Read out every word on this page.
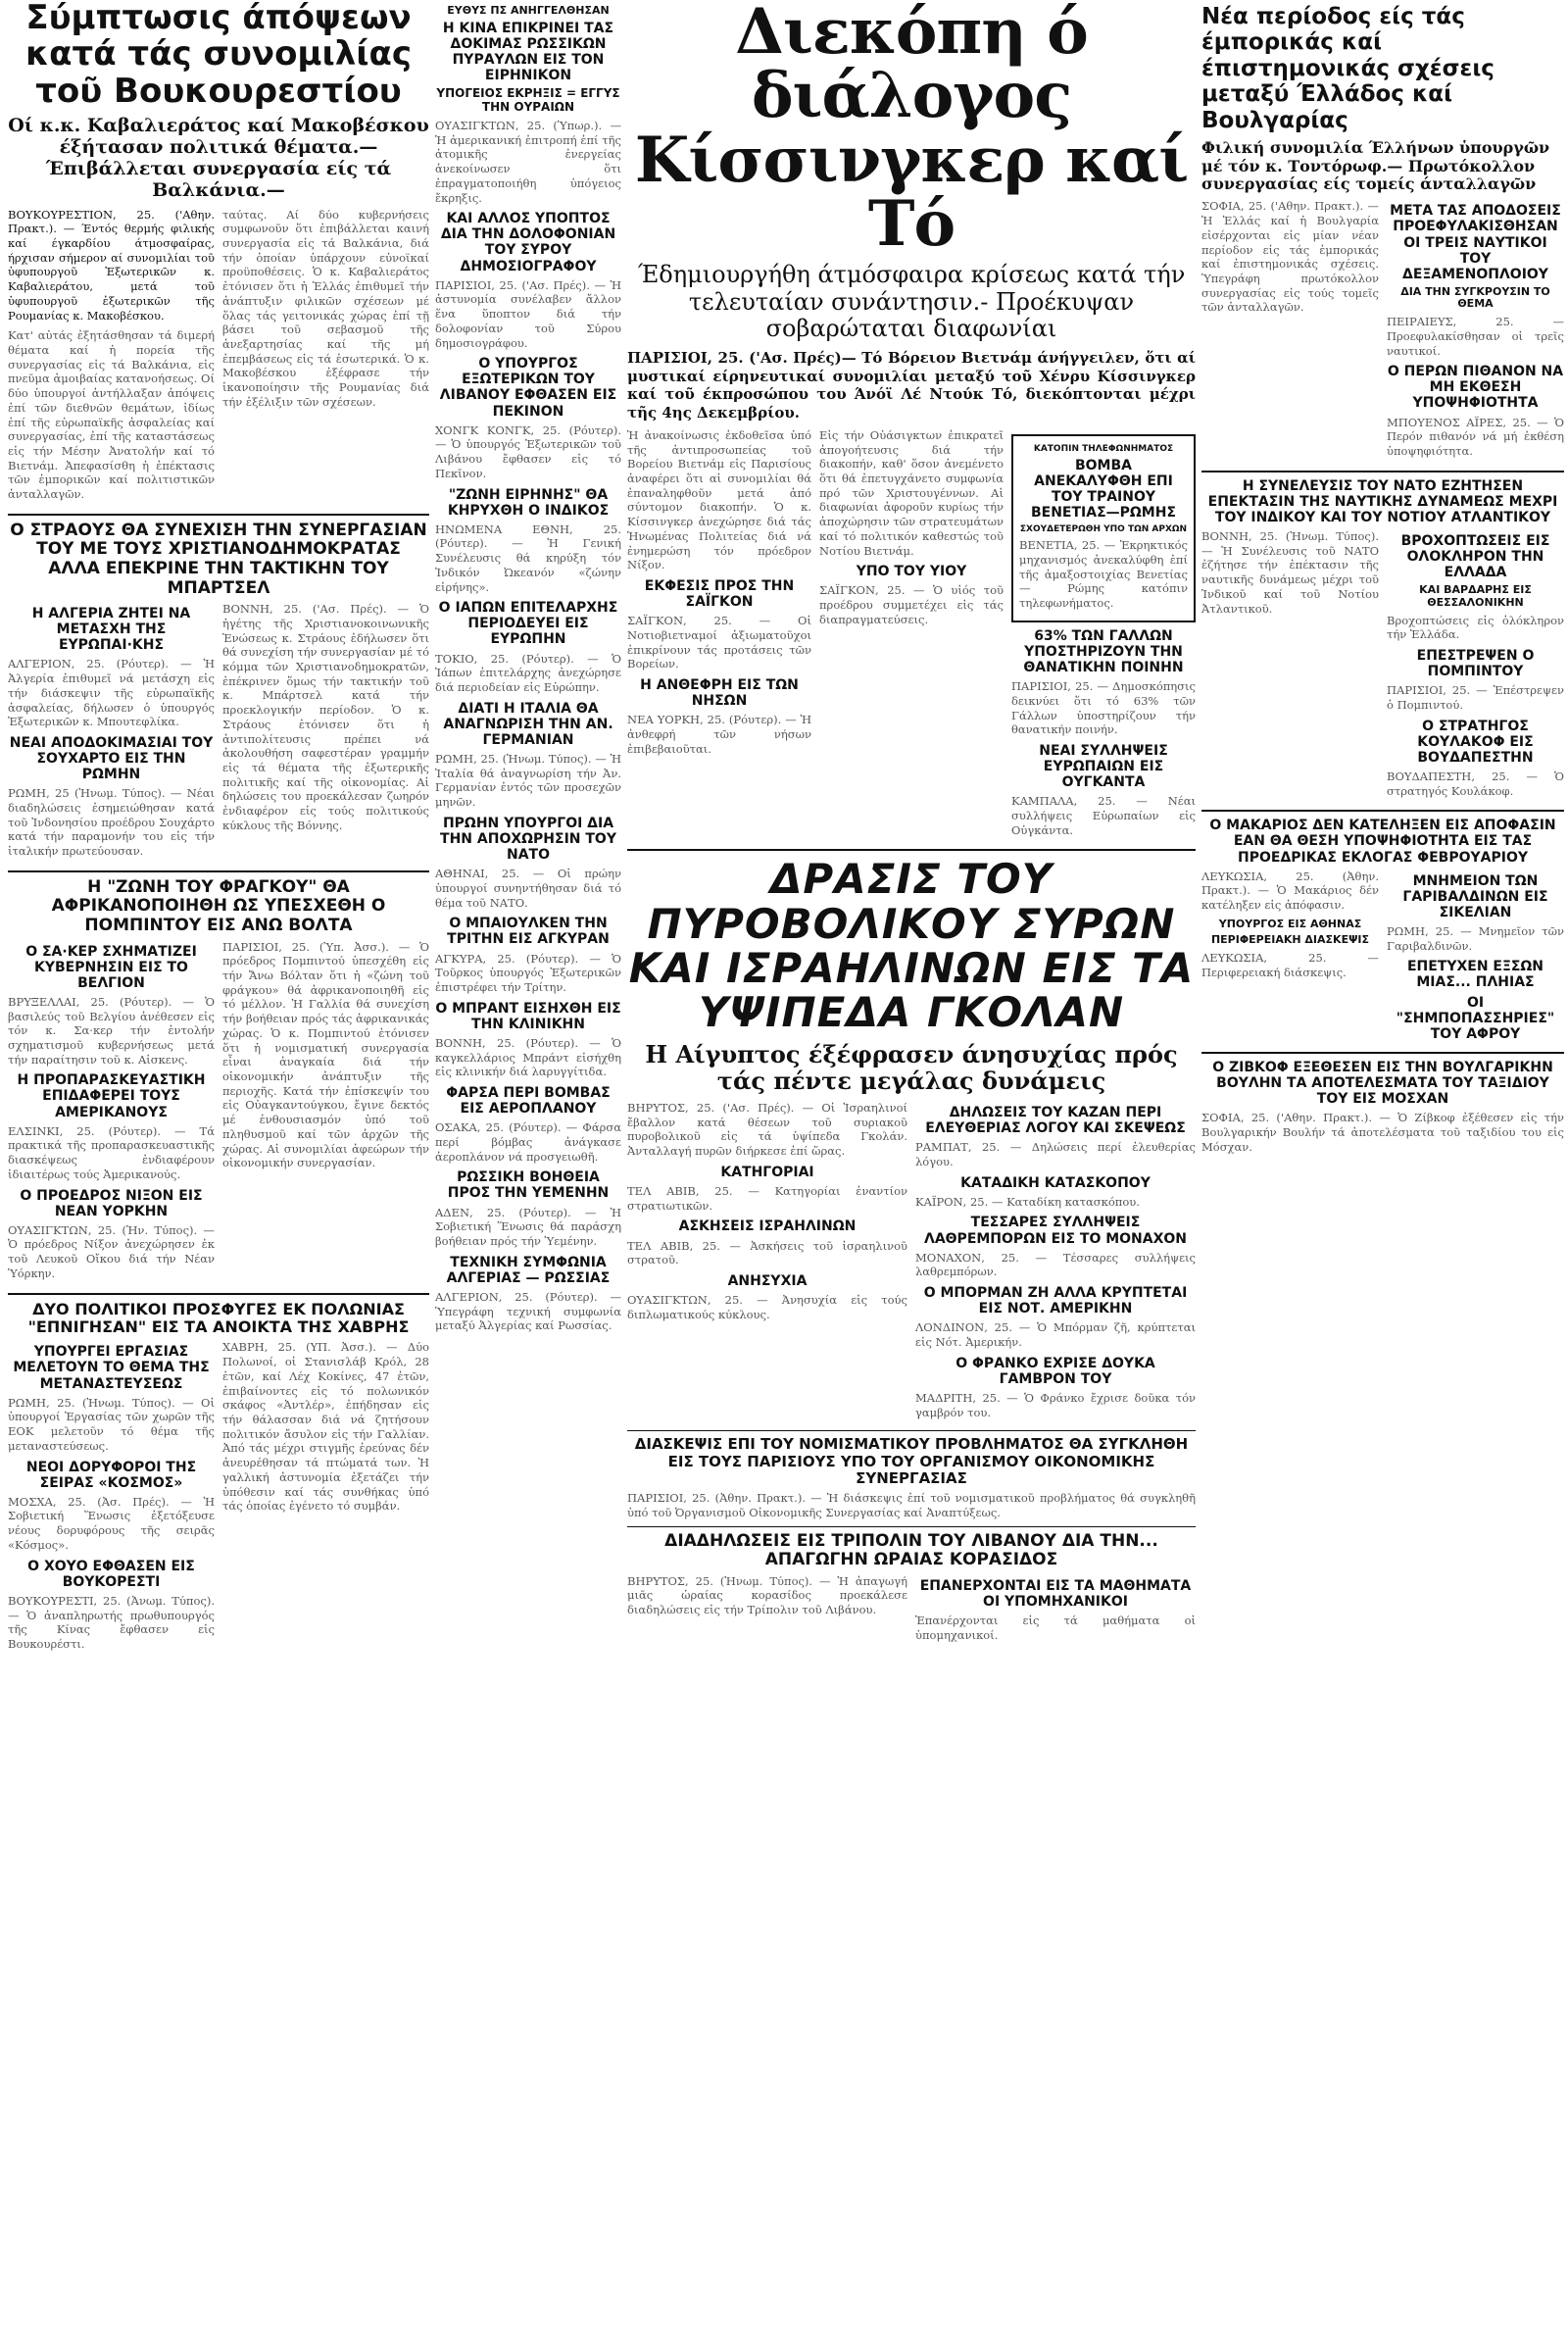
Σύμπτωσις άπόψεων κατά τάς συνομιλίας τοῦ Βουκουρεστίου

Οί κ.κ. Καβαλιεράτος καί Μακοβέσκου έξήτασαν πολιτικά θέματα.— Έπιβάλλεται συνεργασία είς τά Βαλκάνια.—

ΒΟΥΚΟΥΡΕΣΤΙΟΝ, 25. ('Αθην. Πρακτ.). — Έντός θερμής φιλικής καί έγκαρδίου άτμοσφαίρας, ήρχισαν σήμερον αί συνομιλίαι τοῦ ὑφυπουργοῦ Ἐξωτερικῶν κ. Καβαλιεράτου, μετά τοῦ ὑφυπουργοῦ ἐξωτερικῶν τῆς Ρουμανίας κ. Μακοβέσκου.

Κατ' αὐτάς ἐξητάσθησαν τά διμερή θέματα καί ἡ πορεία τῆς συνεργασίας εἰς τά Βαλκάνια, εἰς πνεῦμα ἀμοιβαίας κατανοήσεως. Οί δύο ὑπουργοί ἀντήλλαξαν ἀπόψεις ἐπί τῶν διεθνῶν θεμάτων, ἰδίως ἐπί τῆς εὐρωπαϊκῆς ἀσφαλείας καί συνεργασίας, ἐπί τῆς καταστάσεως εἰς τήν Μέσην Ἀνατολήν καί τό Βιετνάμ. Ἀπεφασίσθη ἡ ἐπέκτασις τῶν ἐμπορικῶν καί πολιτιστικῶν ἀνταλλαγῶν.

ταύτας. Αί δύο κυβερνήσεις συμφωνοῦν ὅτι ἐπιβάλλεται καινή συνεργασία εἰς τά Βαλκάνια, διά τήν ὁποίαν ὑπάρχουν εὐνοϊκαί προϋποθέσεις. Ὁ κ. Καβαλιεράτος ἐτόνισεν ὅτι ἡ Ἑλλάς ἐπιθυμεῖ τήν ἀνάπτυξιν φιλικῶν σχέσεων μέ ὅλας τάς γειτονικάς χώρας ἐπί τῇ βάσει τοῦ σεβασμοῦ τῆς ἀνεξαρτησίας καί τῆς μή ἐπεμβάσεως εἰς τά ἐσωτερικά. Ὁ κ. Μακοβέσκου ἐξέφρασε τήν ἱκανοποίησιν τῆς Ρουμανίας διά τήν ἐξέλιξιν τῶν σχέσεων.

Ο ΣΤΡΑΟΥΣ ΘΑ ΣΥΝΕΧΙΣΗ ΤΗΝ ΣΥΝΕΡΓΑΣΙΑΝ ΤΟΥ ΜΕ ΤΟΥΣ ΧΡΙΣΤΙΑΝΟΔΗΜΟΚΡΑΤΑΣ ΑΛΛΑ ΕΠΕΚΡΙΝΕ ΤΗΝ ΤΑΚΤΙΚΗΝ ΤΟΥ ΜΠΑΡΤΣΕΛ
Η ΑΛΓΕΡΙΑ ΖΗΤΕΙ ΝΑ ΜΕΤΑΣΧΗ ΤΗΣ ΕΥΡΩΠΑΙ·ΚΗΣ

ΑΛΓΕΡΙΟΝ, 25. (Ρόυτερ). — Ἡ Ἀλγερία ἐπιθυμεῖ νά μετάσχη εἰς τήν διάσκεψιν τῆς εὐρωπαϊκῆς ἀσφαλείας, δήλωσεν ὁ ὑπουργός Ἐξωτερικῶν κ. Μπουτεφλίκα.

ΝΕΑΙ ΑΠΟΔΟΚΙΜΑΣΙΑΙ ΤΟΥ ΣΟΥΧΑΡΤΟ ΕΙΣ ΤΗΝ ΡΩΜΗΝ

ΡΩΜΗ, 25 (Ἠνωμ. Τύπος). — Νέαι διαδηλώσεις ἐσημειώθησαν κατά τοῦ Ἰνδονησίου προέδρου Σουχάρτο κατά τήν παραμονήν του εἰς τήν ἰταλικήν πρωτεύουσαν.

ΒΟΝΝΗ, 25. ('Ασ. Πρές). — Ὁ ἡγέτης τῆς Χριστιανοκοινωνικῆς Ἑνώσεως κ. Στράους ἐδήλωσεν ὅτι θά συνεχίση τήν συνεργασίαν μέ τό κόμμα τῶν Χριστιανοδημοκρατῶν, ἐπέκρινεν ὅμως τήν τακτικήν τοῦ κ. Μπάρτσελ κατά τήν προεκλογικήν περίοδον. Ὁ κ. Στράους ἐτόνισεν ὅτι ἡ ἀντιπολίτευσις πρέπει νά ἀκολουθήση σαφεστέραν γραμμήν εἰς τά θέματα τῆς ἐξωτερικῆς πολιτικῆς καί τῆς οἰκονομίας. Αἱ δηλώσεις του προεκάλεσαν ζωηρόν ἐνδιαφέρον εἰς τούς πολιτικούς κύκλους τῆς Βόννης.

Η "ΖΩΝΗ ΤΟΥ ΦΡΑΓΚΟΥ" ΘΑ ΑΦΡΙΚΑΝΟΠΟΙΗΘΗ ΩΣ ΥΠΕΣΧΕΘΗ Ο ΠΟΜΠΙΝΤΟΥ ΕΙΣ ΑΝΩ ΒΟΛΤΑ
Ο ΣΑ·ΚΕΡ ΣΧΗΜΑΤΙΖΕΙ ΚΥΒΕΡΝΗΣΙΝ ΕΙΣ ΤΟ ΒΕΛΓΙΟΝ

ΒΡΥΞΕΛΛΑΙ, 25. (Ρόυτερ). — Ὁ βασιλεύς τοῦ Βελγίου ἀνέθεσεν εἰς τόν κ. Σα·κερ τήν ἐντολήν σχηματισμοῦ κυβερνήσεως μετά τήν παραίτησιν τοῦ κ. Αἰσκενς.

Η ΠΡΟΠΑΡΑΣΚΕΥΑΣΤΙΚΗ ΕΠΙΔΑΦΕΡΕΙ ΤΟΥΣ ΑΜΕΡΙΚΑΝΟΥΣ

ΕΛΣΙΝΚΙ, 25. (Ρόυτερ). — Τά πρακτικά τῆς προπαρασκευαστικῆς διασκέψεως ἐνδιαφέρουν ἰδιαιτέρως τούς Ἀμερικανούς.

Ο ΠΡΟΕΔΡΟΣ ΝΙΞΟΝ ΕΙΣ ΝΕΑΝ ΥΟΡΚΗΝ

ΟΥΑΣΙΓΚΤΩΝ, 25. (Ἠν. Τύπος). — Ὁ πρόεδρος Νίξον ἀνεχώρησεν ἐκ τοῦ Λευκοῦ Οἴκου διά τήν Νέαν Ὑόρκην.

ΠΑΡΙΣΙΟΙ, 25. (Ὑπ. Ἀσσ.). — Ὁ πρόεδρος Πομπιντού ὑπεσχέθη εἰς τήν Ἄνω Βόλταν ὅτι ἡ «ζώνη τοῦ φράγκου» θά ἀφρικανοποιηθῆ εἰς τό μέλλον. Ἡ Γαλλία θά συνεχίση τήν βοήθειαν πρός τάς ἀφρικανικάς χώρας. Ὁ κ. Πομπιντού ἐτόνισεν ὅτι ἡ νομισματική συνεργασία εἶναι ἀναγκαία διά τήν οἰκονομικήν ἀνάπτυξιν τῆς περιοχῆς. Κατά τήν ἐπίσκεψίν του εἰς Οὐαγκαντούγκου, ἔγινε δεκτός μέ ἐνθουσιασμόν ὑπό τοῦ πληθυσμοῦ καί τῶν ἀρχῶν τῆς χώρας. Αἱ συνομιλίαι ἀφεώρων τήν οἰκονομικήν συνεργασίαν.

ΔΥΟ ΠΟΛΙΤΙΚΟΙ ΠΡΟΣΦΥΓΕΣ ΕΚ ΠΟΛΩΝΙΑΣ "ΕΠΝΙΓΗΣΑΝ" ΕΙΣ ΤΑ ΑΝΟΙΚΤΑ ΤΗΣ ΧΑΒΡΗΣ
ΥΠΟΥΡΓΕΙ ΕΡΓΑΣΙΑΣ ΜΕΛΕΤΟΥΝ ΤΟ ΘΕΜΑ ΤΗΣ ΜΕΤΑΝΑΣΤΕΥΣΕΩΣ

ΡΩΜΗ, 25. (Ἠνωμ. Τύπος). — Οἱ ὑπουργοί Ἐργασίας τῶν χωρῶν τῆς ΕΟΚ μελετοῦν τό θέμα τῆς μεταναστεύσεως.

ΝΕΟΙ ΔΟΡΥΦΟΡΟΙ ΤΗΣ ΣΕΙΡΑΣ «ΚΟΣΜΟΣ»

ΜΟΣΧΑ, 25. (Ἀσ. Πρές). — Ἡ Σοβιετική Ἕνωσις ἐξετόξευσε νέους δορυφόρους τῆς σειρᾶς «Κόσμος».

Ο ΧΟΥΟ ΕΦΘΑΣΕΝ ΕΙΣ ΒΟΥΚΟΡΕΣΤΙ

ΒΟΥΚΟΥΡΕΣΤΙ, 25. (Ἀνωμ. Τύπος). — Ὁ ἀναπληρωτής πρωθυπουργός τῆς Κίνας ἔφθασεν εἰς Βουκουρέστι.

ΧΑΒΡΗ, 25. (ΥΠ. Ἀσσ.). — Δύο Πολωνοί, οἱ Στανισλάβ Κρόλ, 28 ἐτῶν, καί Λέχ Κοκίνες, 47 ἐτῶν, ἐπιβαίνοντες εἰς τό πολωνικόν σκάφος «Ἀντλέρ», ἐπήδησαν εἰς τήν θάλασσαν διά νά ζητήσουν πολιτικόν ἄσυλον εἰς τήν Γαλλίαν. Ἀπό τάς μέχρι στιγμῆς ἐρεύνας δέν ἀνευρέθησαν τά πτώματά των. Ἡ γαλλική ἀστυνομία ἐξετάζει τήν ὑπόθεσιν καί τάς συνθήκας ὑπό τάς ὁποίας ἐγένετο τό συμβάν.

ΕΥΘΥΣ ΠΣ ΑΝΗΓΓΕΛΘΗΣΑΝ

Η ΚΙΝΑ ΕΠΙΚΡΙΝΕΙ ΤΑΣ ΔΟΚΙΜΑΣ ΡΩΣΣΙΚΩΝ ΠΥΡΑΥΛΩΝ ΕΙΣ ΤΟΝ ΕΙΡΗΝΙΚΟΝ
ΥΠΟΓΕΙΟΣ ΕΚΡΗΞΙΣ = ΕΓΓΥΣ ΤΗΝ ΟΥΡΑΙΩΝ

ΟΥΑΣΙΓΚΤΩΝ, 25. (Ὑπωρ.). — Ἡ ἀμερικανική ἐπιτροπή ἐπί τῆς ἀτομικῆς ἐνεργείας ἀνεκοίνωσεν ὅτι ἐπραγματοποιήθη ὑπόγειος ἔκρηξις.

ΚΑΙ ΑΛΛΟΣ ΥΠΟΠΤΟΣ ΔΙΑ ΤΗΝ ΔΟΛΟΦΟΝΙΑΝ ΤΟΥ ΣΥΡΟΥ ΔΗΜΟΣΙΟΓΡΑΦΟΥ

ΠΑΡΙΣΙΟΙ, 25. ('Ασ. Πρές). — Ἡ ἀστυνομία συνέλαβεν ἄλλον ἕνα ὕποπτον διά τήν δολοφονίαν τοῦ Σύρου δημοσιογράφου.

Ο ΥΠΟΥΡΓΟΣ ΕΞΩΤΕΡΙΚΩΝ ΤΟΥ ΛΙΒΑΝΟΥ ΕΦΘΑΣΕΝ ΕΙΣ ΠΕΚΙΝΟΝ

ΧΟΝΓΚ ΚΟΝΓΚ, 25. (Ρόυτερ). — Ὁ ὑπουργός Ἐξωτερικῶν τοῦ Λιβάνου ἔφθασεν εἰς τό Πεκῖνον.

"ΖΩΝΗ ΕΙΡΗΝΗΣ" ΘΑ ΚΗΡΥΧΘΗ Ο ΙΝΔΙΚΟΣ

ΗΝΩΜΕΝΑ ΕΘΝΗ, 25. (Ρόυτερ). — Ἡ Γενική Συνέλευσις θά κηρύξη τόν Ἰνδικόν Ὠκεανόν «ζώνην εἰρήνης».

Ο ΙΑΠΩΝ ΕΠΙΤΕΛΑΡΧΗΣ ΠΕΡΙΟΔΕΥΕΙ ΕΙΣ ΕΥΡΩΠΗΝ

ΤΟΚΙΟ, 25. (Ρόυτερ). — Ὁ Ἰάπων ἐπιτελάρχης ἀνεχώρησε διά περιοδείαν εἰς Εὐρώπην.

ΔΙΑΤΙ Η ΙΤΑΛΙΑ ΘΑ ΑΝΑΓΝΩΡΙΣΗ ΤΗΝ ΑΝ. ΓΕΡΜΑΝΙΑΝ

ΡΩΜΗ, 25. (Ἠνωμ. Τύπος). — Ἡ Ἰταλία θά ἀναγνωρίση τήν Ἀν. Γερμανίαν ἐντός τῶν προσεχῶν μηνῶν.

ΠΡΩΗΝ ΥΠΟΥΡΓΟΙ ΔΙΑ ΤΗΝ ΑΠΟΧΩΡΗΣΙΝ ΤΟΥ ΝΑΤΟ

ΑΘΗΝΑΙ, 25. — Οἱ πρώην ὑπουργοί συνηντήθησαν διά τό θέμα τοῦ ΝΑΤΟ.

Ο ΜΠΑΙΟΥΛΚΕΝ ΤΗΝ ΤΡΙΤΗΝ ΕΙΣ ΑΓΚΥΡΑΝ

ΑΓΚΥΡΑ, 25. (Ρόυτερ). — Ὁ Τοῦρκος ὑπουργός Ἐξωτερικῶν ἐπιστρέφει τήν Τρίτην.

Ο ΜΠΡΑΝΤ ΕΙΣΗΧΘΗ ΕΙΣ ΤΗΝ ΚΛΙΝΙΚΗΝ

ΒΟΝΝΗ, 25. (Ρόυτερ). — Ὁ καγκελλάριος Μπράντ εἰσήχθη εἰς κλινικήν διά λαρυγγίτιδα.

ΦΑΡΣΑ ΠΕΡΙ ΒΟΜΒΑΣ ΕΙΣ ΑΕΡΟΠΛΑΝΟΥ

ΟΣΑΚΑ, 25. (Ρόυτερ). — Φάρσα περί βόμβας ἀνάγκασε ἀεροπλάνον νά προσγειωθῆ.

ΡΩΣΣΙΚΗ ΒΟΗΘΕΙΑ ΠΡΟΣ ΤΗΝ ΥΕΜΕΝΗΝ

ΑΔΕΝ, 25. (Ρόυτερ). — Ἡ Σοβιετική Ἕνωσις θά παράσχη βοήθειαν πρός τήν Ὑεμένην.

ΤΕΧΝΙΚΗ ΣΥΜΦΩΝΙΑ ΑΛΓΕΡΙΑΣ — ΡΩΣΣΙΑΣ

ΑΛΓΕΡΙΟΝ, 25. (Ρόυτερ). — Ὑπεγράφη τεχνική συμφωνία μεταξύ Ἀλγερίας καί Ρωσσίας.

Διεκόπη ό διάλογος Κίσσινγκερ καί Τό

Έδημιουργήθη άτμόσφαιρα κρίσεως κατά τήν τελευταίαν συνάντησιν.- Προέκυψαν σοβαρώταται διαφωνίαι

ΠΑΡΙΣΙΟΙ, 25. ('Ασ. Πρές)— Τό Βόρειον Βιετνάμ άνήγγειλεν, ὅτι αί μυστικαί είρηνευτικαί συνομιλίαι μεταξύ τοῦ Χένρυ Κίσσινγκερ καί τοῦ έκπροσώπου του Άνόϊ Λέ Ντούκ Τό, διεκόπτονται μέχρι τῆς 4ης Δεκεμβρίου.

Ἡ ἀνακοίνωσις ἐκδοθεῖσα ὑπό τῆς ἀντιπροσωπείας τοῦ Βορείου Βιετνάμ εἰς Παρισίους ἀναφέρει ὅτι αἱ συνομιλίαι θά ἐπαναληφθοῦν μετά ἀπό σύντομον διακοπήν. Ὁ κ. Κίσσινγκερ ἀνεχώρησε διά τάς Ἡνωμένας Πολιτείας διά νά ἐνημερώση τόν πρόεδρον Νίξον.

ΕΚΦΕΣΙΣ ΠΡΟΣ ΤΗΝ ΣΑΪΓΚΟΝ

ΣΑΪΓΚΟΝ, 25. — Οἱ Νοτιοβιετναμοί ἀξιωματοῦχοι ἐπικρίνουν τάς προτάσεις τῶν Βορείων.

Η ΑΝΘΕΦΡΗ ΕΙΣ ΤΩΝ ΝΗΣΩΝ

ΝΕΑ ΥΟΡΚΗ, 25. (Ρόυτερ). — Ἡ ἀνθεφρή τῶν νήσων ἐπιβεβαιοῦται.

Εἰς τήν Οὐάσιγκτων ἐπικρατεῖ ἀπογοήτευσις διά τήν διακοπήν, καθ' ὅσον ἀνεμένετο ὅτι θά ἐπετυγχάνετο συμφωνία πρό τῶν Χριστουγέννων. Αἱ διαφωνίαι ἀφοροῦν κυρίως τήν ἀποχώρησιν τῶν στρατευμάτων καί τό πολιτικόν καθεστώς τοῦ Νοτίου Βιετνάμ.

ΥΠΟ ΤΟΥ ΥΙΟΥ

ΣΑΪΓΚΟΝ, 25. — Ὁ υἱός τοῦ προέδρου συμμετέχει εἰς τάς διαπραγματεύσεις.

ΚΑΤΟΠΙΝ ΤΗΛΕΦΩΝΗΜΑΤΟΣ

ΒΟΜΒΑ ΑΝΕΚΑΛΥΦΘΗ ΕΠΙ ΤΟΥ ΤΡΑΙΝΟΥ ΒΕΝΕΤΙΑΣ—ΡΩΜΗΣ

ΣΧΟΥΔΕΤΕΡΩΘΗ ΥΠΟ ΤΩΝ ΑΡΧΩΝ

ΒΕΝΕΤΙΑ, 25. — Ἐκρηκτικός μηχανισμός ἀνεκαλύφθη ἐπί τῆς ἀμαξοστοιχίας Βενετίας — Ρώμης κατόπιν τηλεφωνήματος.

63% ΤΩΝ ΓΑΛΛΩΝ ΥΠΟΣΤΗΡΙΖΟΥΝ ΤΗΝ ΘΑΝΑΤΙΚΗΝ ΠΟΙΝΗΝ

ΠΑΡΙΣΙΟΙ, 25. — Δημοσκόπησις δεικνύει ὅτι τό 63% τῶν Γάλλων ὑποστηρίζουν τήν θανατικήν ποινήν.

ΝΕΑΙ ΣΥΛΛΗΨΕΙΣ ΕΥΡΩΠΑΙΩΝ ΕΙΣ ΟΥΓΚΑΝΤΑ

ΚΑΜΠΑΛΑ, 25. — Νέαι συλλήψεις Εὐρωπαίων εἰς Οὐγκάντα.

ΔΡΑΣΙΣ ΤΟΥ ΠΥΡΟΒΟΛΙΚΟΥ ΣΥΡΩΝ ΚΑΙ ΙΣΡΑΗΛΙΝΩΝ ΕΙΣ ΤΑ ΥΨΙΠΕΔΑ ΓΚΟΛΑΝ

Η Αίγυπτος έξέφρασεν άνησυχίας πρός τάς πέντε μεγάλας δυνάμεις

ΒΗΡΥΤΟΣ, 25. ('Ασ. Πρές). — Οἱ Ἰσραηλινοί ἔβαλλον κατά θέσεων τοῦ συριακοῦ πυροβολικοῦ εἰς τά ὑψίπεδα Γκολάν. Ἀνταλλαγή πυρῶν διήρκεσε ἐπί ὥρας.

ΚΑΤΗΓΟΡΙΑΙ

ΤΕΛ ΑΒΙΒ, 25. — Κατηγορίαι ἐναντίον στρατιωτικῶν.

ΑΣΚΗΣΕΙΣ ΙΣΡΑΗΛΙΝΩΝ

ΤΕΛ ΑΒΙΒ, 25. — Ἀσκήσεις τοῦ ἰσραηλινοῦ στρατοῦ.

ΑΝΗΣΥΧΙΑ

ΟΥΑΣΙΓΚΤΩΝ, 25. — Ἀνησυχία εἰς τούς διπλωματικούς κύκλους.

ΔΗΛΩΣΕΙΣ ΤΟΥ ΚΑΖΑΝ ΠΕΡΙ ΕΛΕΥΘΕΡΙΑΣ ΛΟΓΟΥ ΚΑΙ ΣΚΕΨΕΩΣ

ΡΑΜΠΑΤ, 25. — Δηλώσεις περί ἐλευθερίας λόγου.

ΚΑΤΑΔΙΚΗ ΚΑΤΑΣΚΟΠΟΥ

ΚΑΪΡΟΝ, 25. — Καταδίκη κατασκόπου.

ΤΕΣΣΑΡΕΣ ΣΥΛΛΗΨΕΙΣ ΛΑΘΡΕΜΠΟΡΩΝ ΕΙΣ ΤΟ ΜΟΝΑΧΟΝ

ΜΟΝΑΧΟΝ, 25. — Τέσσαρες συλλήψεις λαθρεμπόρων.

Ο ΜΠΟΡΜΑΝ ΖΗ ΑΛΛΑ ΚΡΥΠΤΕΤΑΙ ΕΙΣ ΝΟΤ. ΑΜΕΡΙΚΗΝ

ΛΟΝΔΙΝΟΝ, 25. — Ὁ Μπόρμαν ζῆ, κρύπτεται εἰς Νότ. Ἀμερικήν.

Ο ΦΡΑΝΚΟ ΕΧΡΙΣΕ ΔΟΥΚΑ ΓΑΜΒΡΟΝ ΤΟΥ

ΜΑΔΡΙΤΗ, 25. — Ὁ Φράνκο ἔχρισε δοῦκα τόν γαμβρόν του.

ΔΙΑΣΚΕΨΙΣ ΕΠΙ ΤΟΥ ΝΟΜΙΣΜΑΤΙΚΟΥ ΠΡΟΒΛΗΜΑΤΟΣ ΘΑ ΣΥΓΚΛΗΘΗ ΕΙΣ ΤΟΥΣ ΠΑΡΙΣΙΟΥΣ ΥΠΟ ΤΟΥ ΟΡΓΑΝΙΣΜΟΥ ΟΙΚΟΝΟΜΙΚΗΣ ΣΥΝΕΡΓΑΣΙΑΣ

ΠΑΡΙΣΙΟΙ, 25. (Ἀθην. Πρακτ.). — Ἡ διάσκεψις ἐπί τοῦ νομισματικοῦ προβλήματος θά συγκληθῆ ὑπό τοῦ Ὀργανισμοῦ Οἰκονομικῆς Συνεργασίας καί Ἀναπτύξεως.

ΔΙΑΔΗΛΩΣΕΙΣ ΕΙΣ ΤΡΙΠΟΛΙΝ ΤΟΥ ΛΙΒΑΝΟΥ ΔΙΑ ΤΗΝ... ΑΠΑΓΩΓΗΝ ΩΡΑΙΑΣ ΚΟΡΑΣΙΔΟΣ

ΒΗΡΥΤΟΣ, 25. (Ἠνωμ. Τύπος). — Ἡ ἀπαγωγή μιᾶς ὡραίας κορασίδος προεκάλεσε διαδηλώσεις εἰς τήν Τρίπολιν τοῦ Λιβάνου.

ΕΠΑΝΕΡΧΟΝΤΑΙ ΕΙΣ ΤΑ ΜΑΘΗΜΑΤΑ ΟΙ ΥΠΟΜΗΧΑΝΙΚΟΙ

Ἐπανέρχονται εἰς τά μαθήματα οἱ ὑπομηχανικοί.

Νέα περίοδος είς τάς έμπορικάς καί έπιστημονικάς σχέσεις μεταξύ Έλλάδος καί Βουλγαρίας

Φιλική συνομιλία Έλλήνων ὑπουργῶν μέ τόν κ. Τοντόρωφ.— Πρωτόκολλον συνεργασίας είς τομείς άνταλλαγῶν

ΣΟΦΙΑ, 25. ('Αθην. Πρακτ.). — Ἡ Ἑλλάς καί ἡ Βουλγαρία εἰσέρχονται εἰς μίαν νέαν περίοδον εἰς τάς ἐμπορικάς καί ἐπιστημονικάς σχέσεις. Ὑπεγράφη πρωτόκολλον συνεργασίας εἰς τούς τομεῖς τῶν ἀνταλλαγῶν.

ΜΕΤΑ ΤΑΣ ΑΠΟΔΟΣΕΙΣ ΠΡΟΕΦΥΛΑΚΙΣΘΗΣΑΝ ΟΙ ΤΡΕΙΣ ΝΑΥΤΙΚΟΙ ΤΟΥ ΔΕΞΑΜΕΝΟΠΛΟΙΟΥ
ΔΙΑ ΤΗΝ ΣΥΓΚΡΟΥΣΙΝ ΤΟ ΘΕΜΑ

ΠΕΙΡΑΙΕΥΣ, 25. — Προεφυλακίσθησαν οἱ τρεῖς ναυτικοί.

Ο ΠΕΡΩΝ ΠΙΘΑΝΟΝ ΝΑ ΜΗ ΕΚΘΕΣΗ ΥΠΟΨΗΦΙΟΤΗΤΑ

ΜΠΟΥΕΝΟΣ ΑΪΡΕΣ, 25. — Ὁ Περόν πιθανόν νά μή ἐκθέση ὑποψηφιότητα.

Η ΣΥΝΕΛΕΥΣΙΣ ΤΟΥ ΝΑΤΟ ΕΖΗΤΗΣΕΝ ΕΠΕΚΤΑΣΙΝ ΤΗΣ ΝΑΥΤΙΚΗΣ ΔΥΝΑΜΕΩΣ ΜΕΧΡΙ ΤΟΥ ΙΝΔΙΚΟΥ ΚΑΙ ΤΟΥ ΝΟΤΙΟΥ ΑΤΛΑΝΤΙΚΟΥ

ΒΟΝΝΗ, 25. (Ἠνωμ. Τύπος). — Ἡ Συνέλευσις τοῦ ΝΑΤΟ ἐζήτησε τήν ἐπέκτασιν τῆς ναυτικῆς δυνάμεως μέχρι τοῦ Ἰνδικοῦ καί τοῦ Νοτίου Ἀτλαντικοῦ.

ΒΡΟΧΟΠΤΩΣΕΙΣ ΕΙΣ ΟΛΟΚΛΗΡΟΝ ΤΗΝ ΕΛΛΑΔΑ
ΚΑΙ ΒΑΡΔΑΡΗΣ ΕΙΣ ΘΕΣΣΑΛΟΝΙΚΗΝ

Βροχοπτώσεις εἰς ὁλόκληρον τήν Ἑλλάδα.

ΕΠΕΣΤΡΕΨΕΝ Ο ΠΟΜΠΙΝΤΟΥ

ΠΑΡΙΣΙΟΙ, 25. — Ἐπέστρεψεν ὁ Πομπιντού.

Ο ΣΤΡΑΤΗΓΟΣ ΚΟΥΛΑΚΟΦ ΕΙΣ ΒΟΥΔΑΠΕΣΤΗΝ

ΒΟΥΔΑΠΕΣΤΗ, 25. — Ὁ στρατηγός Κουλάκοφ.

Ο ΜΑΚΑΡΙΟΣ ΔΕΝ ΚΑΤΕΛΗΞΕΝ ΕΙΣ ΑΠΟΦΑΣΙΝ ΕΑΝ ΘΑ ΘΕΣΗ ΥΠΟΨΗΦΙΟΤΗΤΑ ΕΙΣ ΤΑΣ ΠΡΟΕΔΡΙΚΑΣ ΕΚΛΟΓΑΣ ΦΕΒΡΟΥΑΡΙΟΥ

ΛΕΥΚΩΣΙΑ, 25. (Ἀθην. Πρακτ.). — Ὁ Μακάριος δέν κατέληξεν εἰς ἀπόφασιν.

ΥΠΟΥΡΓΟΣ ΕΙΣ ΑΘΗΝΑΣ
ΠΕΡΙΦΕΡΕΙΑΚΗ ΔΙΑΣΚΕΨΙΣ

ΛΕΥΚΩΣΙΑ, 25. — Περιφερειακή διάσκεψις.

ΜΝΗΜΕΙΟΝ ΤΩΝ ΓΑΡΙΒΑΛΔΙΝΩΝ ΕΙΣ ΣΙΚΕΛΙΑΝ

ΡΩΜΗ, 25. — Μνημεῖον τῶν Γαριβαλδινῶν.

ΕΠΕΤΥΧΕΝ ΕΞΣΩΝ ΜΙΑΣ... ΠΛΗΙΑΣ
ΟΙ "ΣΗΜΠΟΠΑΣΣΗΡΙΕΣ" ΤΟΥ ΑΦΡΟΥ
Ο ΖΙΒΚΟΦ ΕΞΕΘΕΣΕΝ ΕΙΣ ΤΗΝ ΒΟΥΛΓΑΡΙΚΗΝ ΒΟΥΛΗΝ ΤΑ ΑΠΟΤΕΛΕΣΜΑΤΑ ΤΟΥ ΤΑΞΙΔΙΟΥ ΤΟΥ ΕΙΣ ΜΟΣΧΑΝ

ΣΟΦΙΑ, 25. ('Αθην. Πρακτ.). — Ὁ Ζίβκοφ ἐξέθεσεν εἰς τήν Βουλγαρικήν Βουλήν τά ἀποτελέσματα τοῦ ταξιδίου του εἰς Μόσχαν.
